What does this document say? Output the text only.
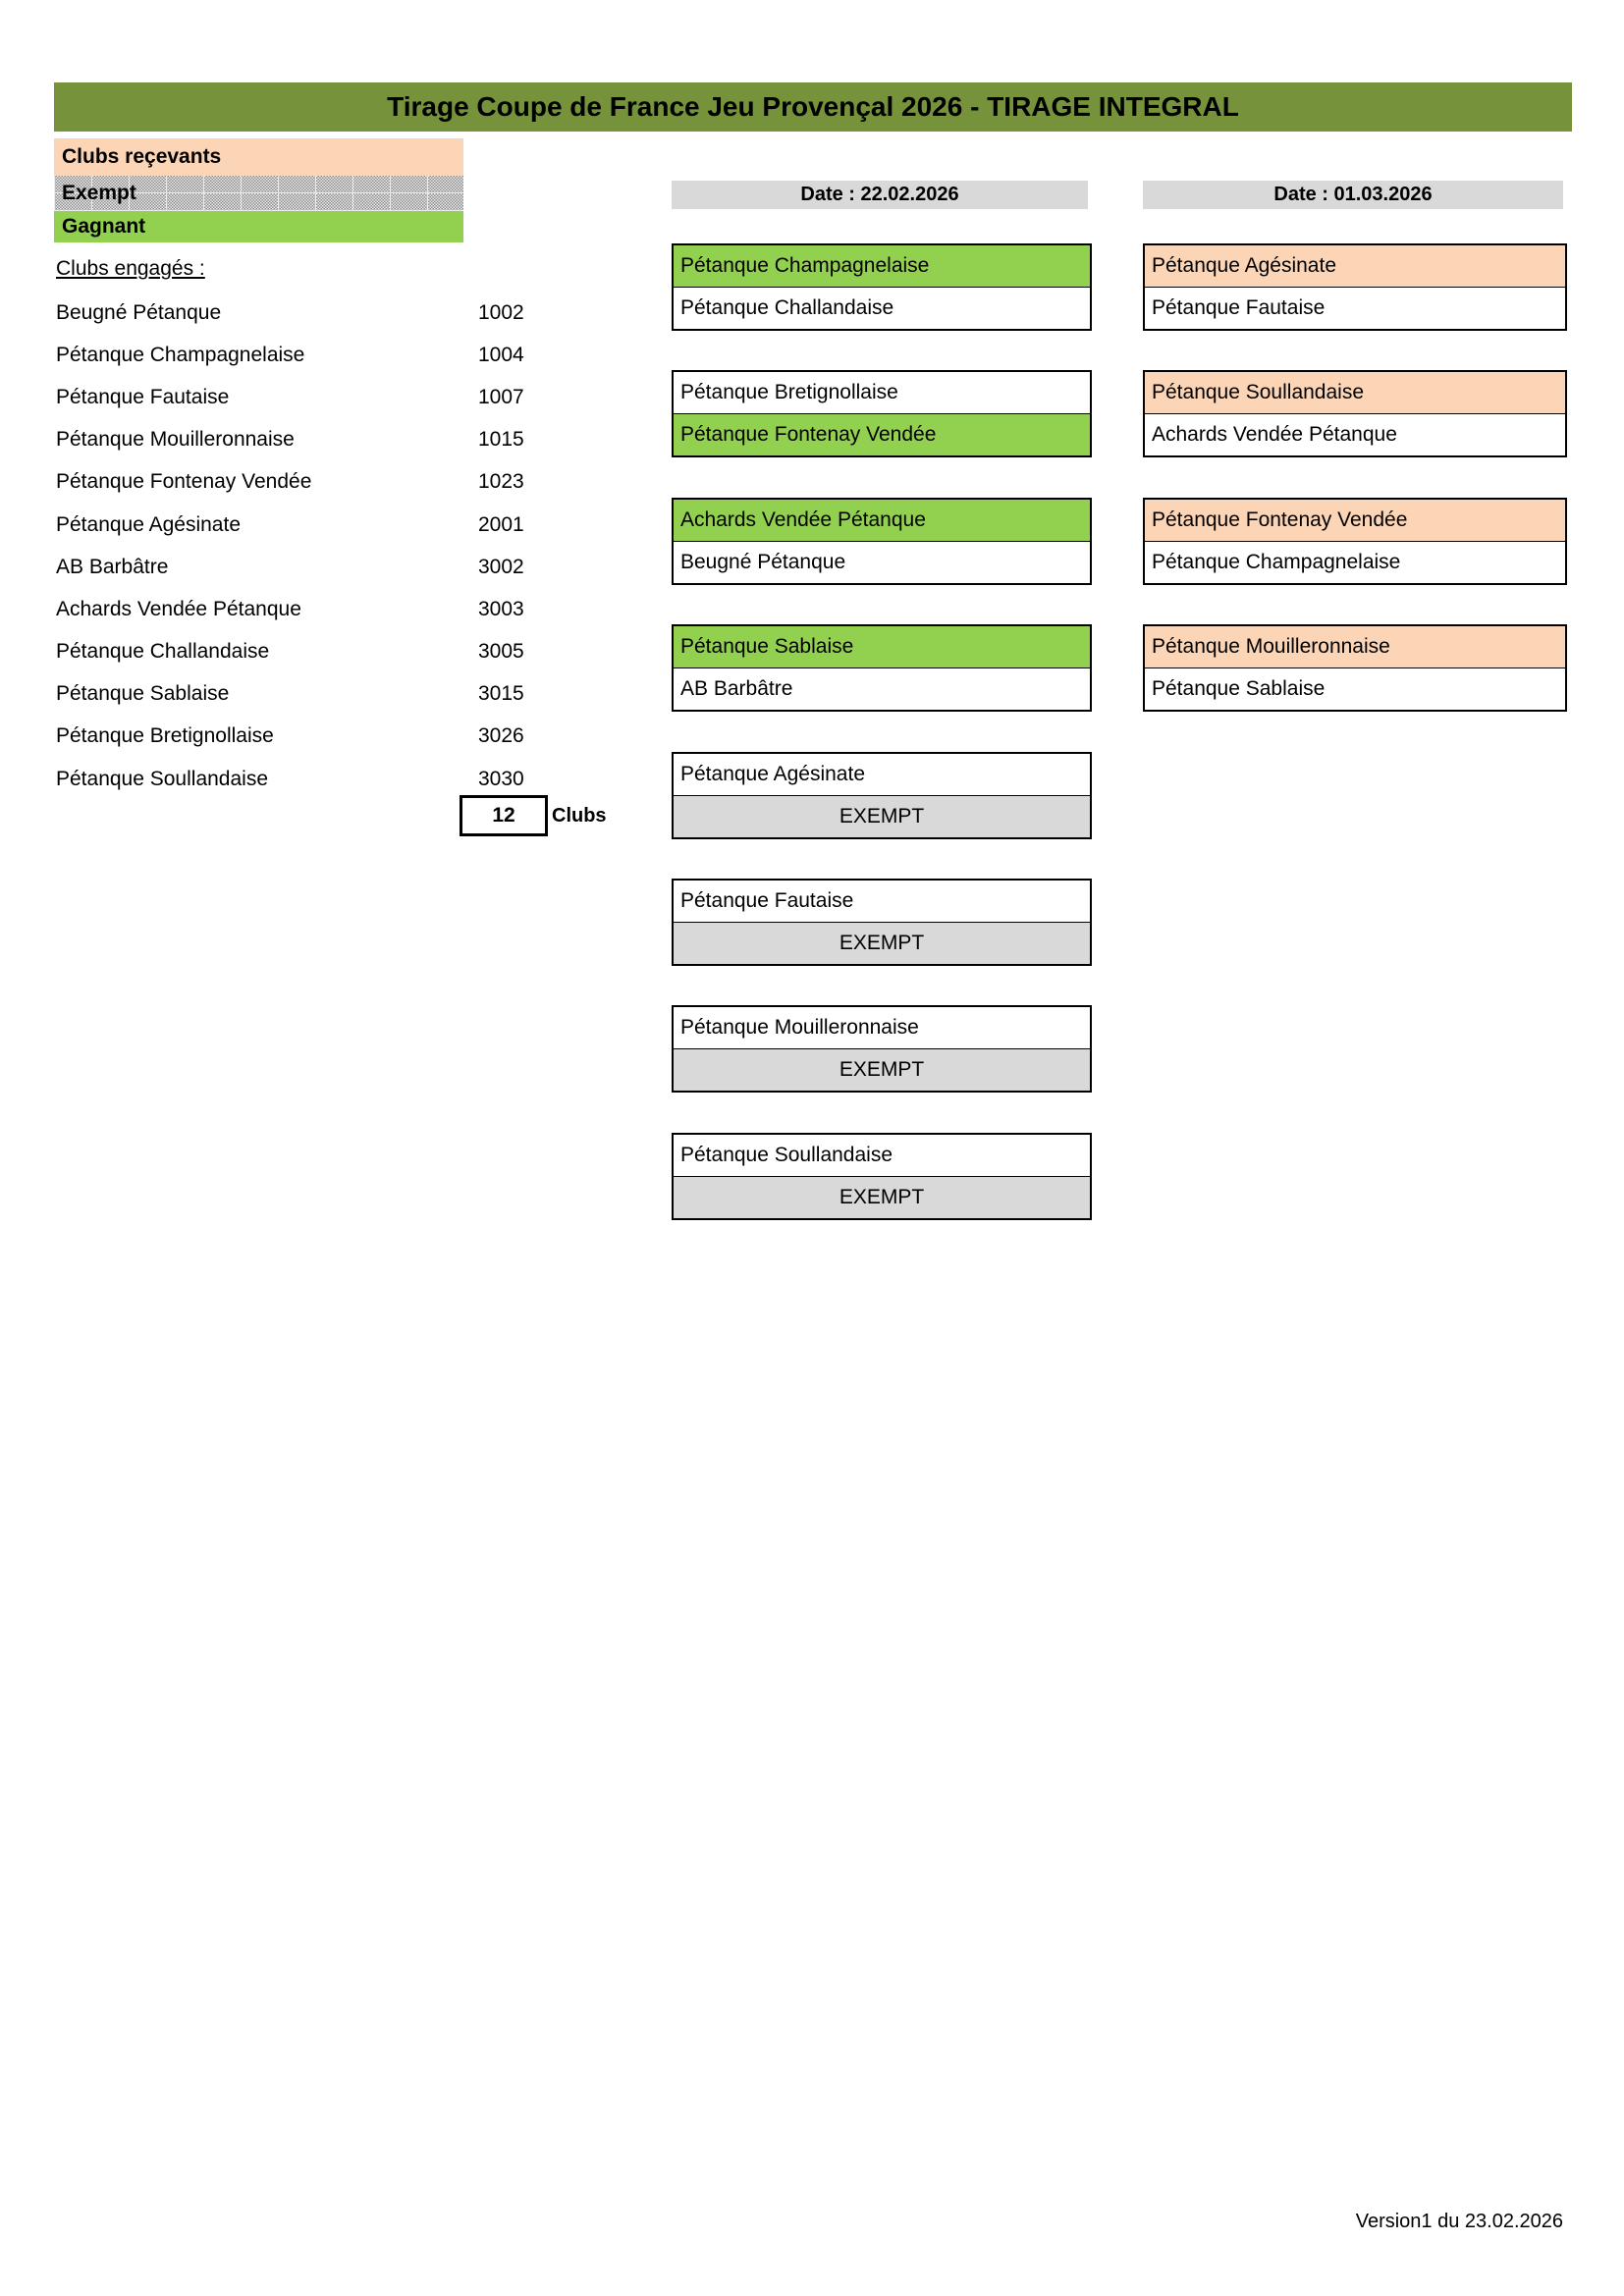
Tirage Coupe de France Jeu Provençal 2026 - TIRAGE INTEGRAL
Clubs reçevants
Exempt
Gagnant
Clubs engagés :
Beugné Pétanque	1002
Pétanque Champagnelaise	1004
Pétanque Fautaise	1007
Pétanque Mouilleronnaise	1015
Pétanque Fontenay Vendée	1023
Pétanque Agésinate	2001
AB Barbâtre	3002
Achards Vendée Pétanque	3003
Pétanque Challandaise	3005
Pétanque Sablaise	3015
Pétanque Bretignollaise	3026
Pétanque Soullandaise	3030
12	Clubs
Date : 22.02.2026
Pétanque Champagnelaise
Pétanque Challandaise
Pétanque Bretignollaise
Pétanque Fontenay Vendée
Achards Vendée Pétanque
Beugné Pétanque
Pétanque Sablaise
AB Barbâtre
Pétanque Agésinate
EXEMPT
Pétanque Fautaise
EXEMPT
Pétanque Mouilleronnaise
EXEMPT
Pétanque Soullandaise
EXEMPT
Date : 01.03.2026
Pétanque Agésinate
Pétanque Fautaise
Pétanque Soullandaise
Achards Vendée Pétanque
Pétanque Fontenay Vendée
Pétanque Champagnelaise
Pétanque Mouilleronnaise
Pétanque Sablaise
Version1 du 23.02.2026
